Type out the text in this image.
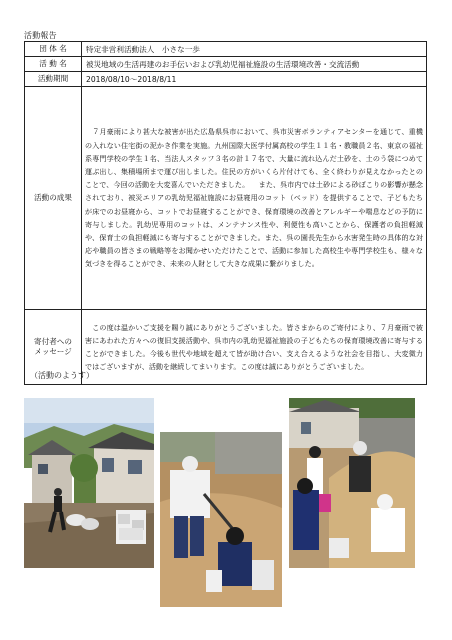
活動報告
団 体 名	特定非営利活動法人　小さな一歩
活 動 名	被災地域の生活再建のお手伝いおよび乳幼児福祉施設の生活環境改善・交流活動
活動期間	2018/08/10〜2018/8/11
活動の成果	　７月豪雨により甚大な被害が出た広島県呉市において、呉市災害ボランティアセンターを通じて、重機の入れない住宅街の泥かき作業を実施。九州国際大医学付属高校の学生１１名・教職員２名、東京の福祉系専門学校の学生１名、当法人スタッフ３名の計１７名で、大量に流れ込んだ土砂を、土のう袋につめて運ぶ出し、集積場所まで運び出しました。住民の方がいくら片付けても、全く終わりが見えなかったとのことで、今回の活動を大変喜んでいただきました。 　また、呉市内では土砂による砂ぼこりの影響が懸念されており、被災エリアの乳幼児福祉施設にお昼寝用のコット（ベッド）を提供することで、子どもたちが床でのお昼寝から、コットでお昼寝することができ、保育環境の改善とアレルギーや喘息などの予防に寄与しました。乳幼児専用のコットは、メンテナンス性や、利便性も高いことから、保護者の負担軽減や、保育士の負担軽減にも寄与することができました。また、呉の園長先生から水害発生時の具体的な対応や職員の皆さまの戦略等をお聞かせいただけたことで、活動に参加した高校生や専門学校生も、様々な気づきを得ることができ、未来の人財として大きな成果に繋がりました。
寄付者への
メッセージ	　この度は温かいご支援を賜り誠にありがとうございました。皆さまからのご寄付により、７月豪雨で被害にあわれた方々への復旧支援活動や、呉市内の乳幼児福祉施設の子どもたちの保育環境改善に寄与することができました。今後も世代や地域を超えて皆が助け合い、支え合えるような社会を目指し、大変微力ではございますが、活動を継続してまいります。この度は誠にありがとうございました。
（活動のようす）
